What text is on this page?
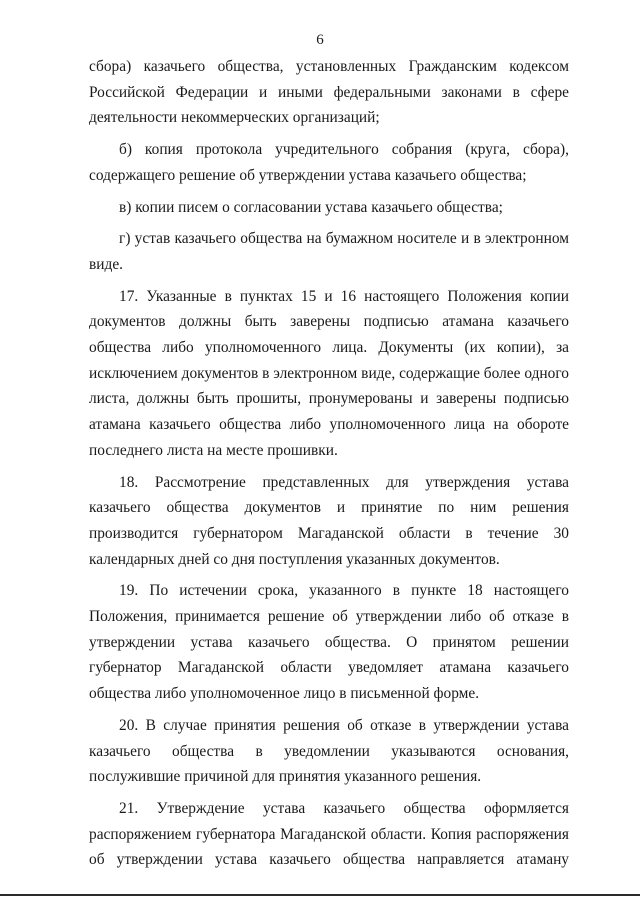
6

сбора) казачьего общества, установленных Гражданским кодексом Российской Федерации и иными федеральными законами в сфере деятельности некоммерческих организаций;

б) копия протокола учредительного собрания (круга, сбора), содержащего решение об утверждении устава казачьего общества;

в) копии писем о согласовании устава казачьего общества;

г) устав казачьего общества на бумажном носителе и в электронном виде.

17. Указанные в пунктах 15 и 16 настоящего Положения копии документов должны быть заверены подписью атамана казачьего общества либо уполномоченного лица. Документы (их копии), за исключением документов в электронном виде, содержащие более одного листа, должны быть прошиты, пронумерованы и заверены подписью атамана казачьего общества либо уполномоченного лица на обороте последнего листа на месте прошивки.

18. Рассмотрение представленных для утверждения устава казачьего общества документов и принятие по ним решения производится губернатором Магаданской области в течение 30 календарных дней со дня поступления указанных документов.

19. По истечении срока, указанного в пункте 18 настоящего Положения, принимается решение об утверждении либо об отказе в утверждении устава казачьего общества. О принятом решении губернатор Магаданской области уведомляет атамана казачьего общества либо уполномоченное лицо в письменной форме.

20. В случае принятия решения об отказе в утверждении устава казачьего общества в уведомлении указываются основания, послужившие причиной для принятия указанного решения.

21. Утверждение устава казачьего общества оформляется распоряжением губернатора Магаданской области. Копия распоряжения об утверждении устава казачьего общества направляется атаману
